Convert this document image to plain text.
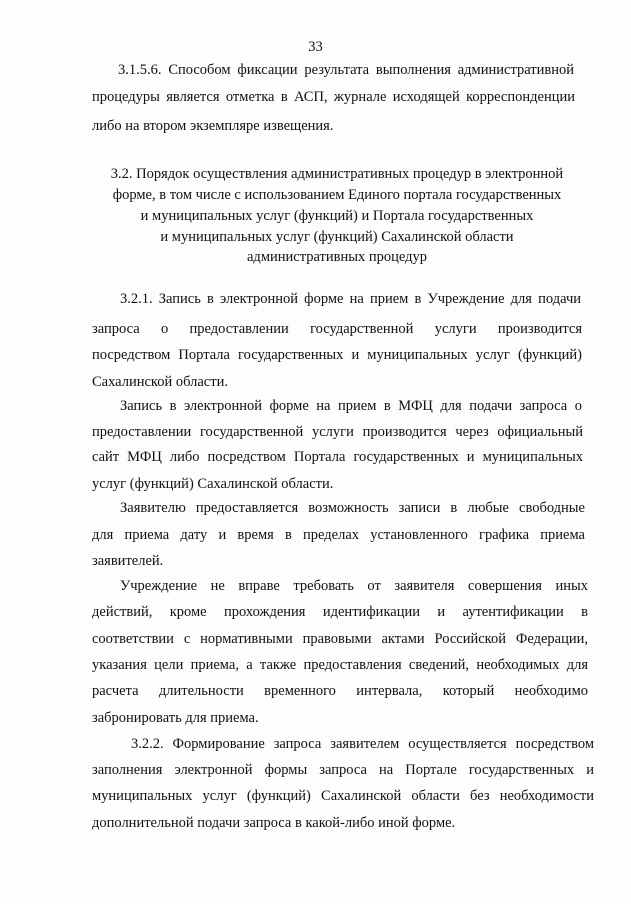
33
3.1.5.6. Способом фиксации результата выполнения административной
процедуры является отметка в АСП, журнале исходящей корреспонденции
либо на втором экземпляре извещения.
3.2. Порядок осуществления административных процедур в электронной
форме, в том числе с использованием Единого портала государственных
и муниципальных услуг (функций) и Портала государственных
и муниципальных услуг (функций) Сахалинской области
административных процедур
3.2.1. Запись в электронной форме на прием в Учреждение для подачи
запроса о предоставлении государственной услуги производится
посредством Портала государственных и муниципальных услуг (функций)
Сахалинской области.
Запись в электронной форме на прием в МФЦ для подачи запроса о
предоставлении государственной услуги производится через официальный
сайт МФЦ либо посредством Портала государственных и муниципальных
услуг (функций) Сахалинской области.
Заявителю предоставляется возможность записи в любые свободные
для приема дату и время в пределах установленного графика приема
заявителей.
Учреждение не вправе требовать от заявителя совершения иных
действий, кроме прохождения идентификации и аутентификации в
соответствии с нормативными правовыми актами Российской Федерации,
указания цели приема, а также предоставления сведений, необходимых для
расчета длительности временного интервала, который необходимо
забронировать для приема.
3.2.2. Формирование запроса заявителем осуществляется посредством
заполнения электронной формы запроса на Портале государственных и
муниципальных услуг (функций) Сахалинской области без необходимости
дополнительной подачи запроса в какой-либо иной форме.
